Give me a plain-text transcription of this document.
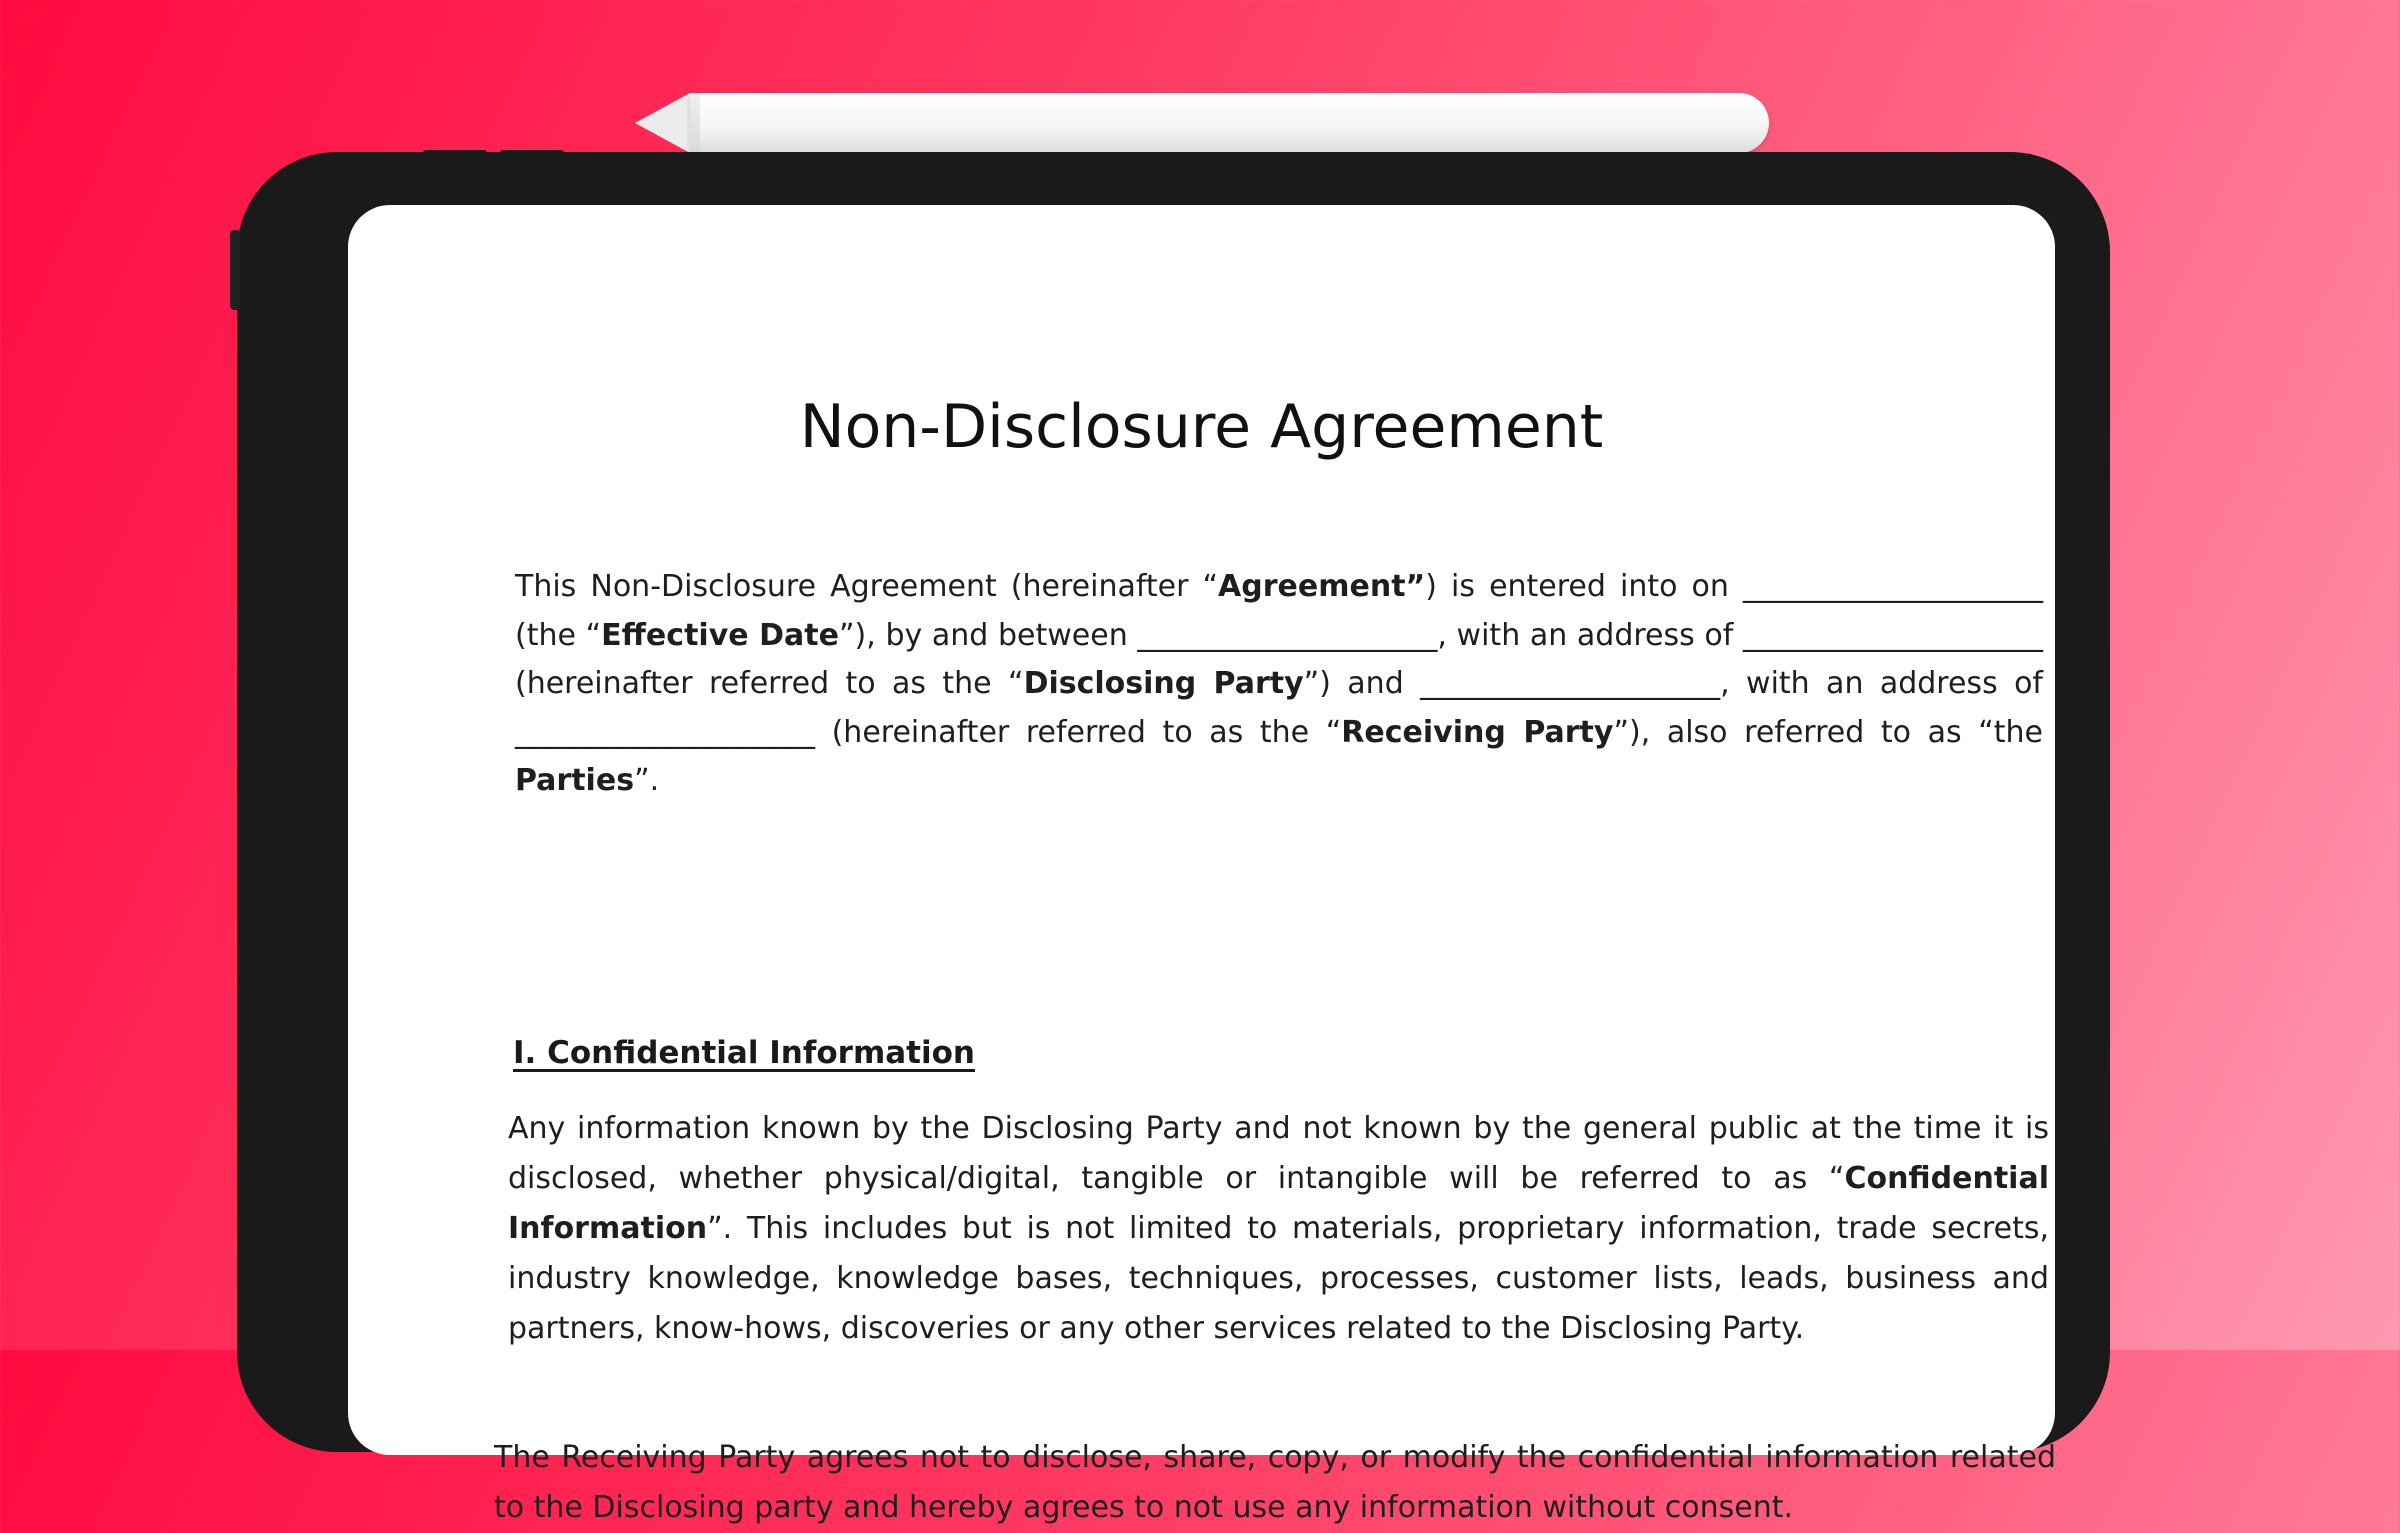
Non-Disclosure Agreement

This Non-Disclosure Agreement (hereinafter “Agreement”) is entered into on ____________________ (the “Effective Date”), by and between ____________________, with an address of ____________________ (hereinafter referred to as the “Disclosing Party”) and ____________________, with an address of ____________________ (hereinafter referred to as the “Receiving Party”), also referred to as “the Parties”.

I. Confidential Information

Any information known by the Disclosing Party and not known by the general public at the time it is disclosed, whether physical/digital, tangible or intangible will be referred to as “Confidential Information”. This includes but is not limited to materials, proprietary information, trade secrets, industry knowledge, knowledge bases, techniques, processes, customer lists, leads, business and partners, know-hows, discoveries or any other services related to the Disclosing Party.

The Receiving Party agrees not to disclose, share, copy, or modify the confidential information related to the Disclosing party and hereby agrees to not use any information without consent.
